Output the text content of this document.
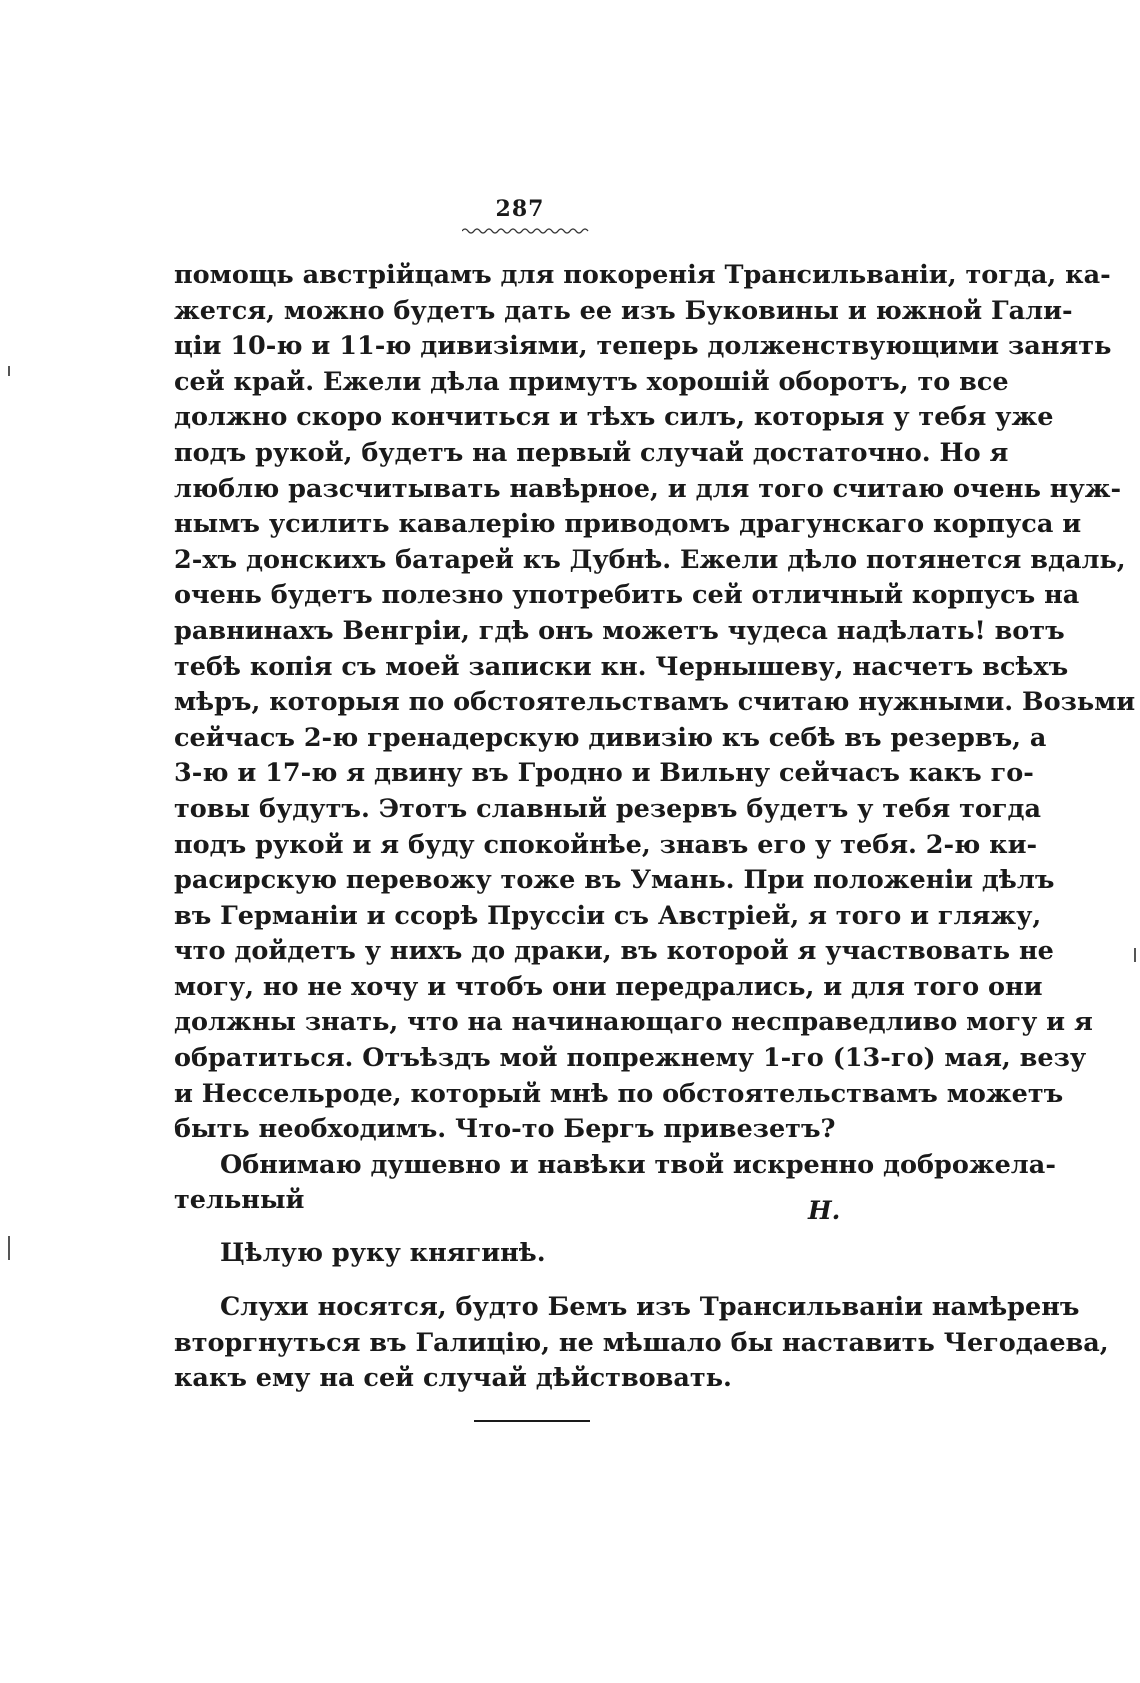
287
помощь австрійцамъ для покоренія Трансильваніи, тогда, ка-
жется, можно будетъ дать ее изъ Буковины и южной Гали-
ціи 10-ю и 11-ю дивизіями, теперь долженствующими занять
сей край. Ежели дѣла примутъ хорошій оборотъ, то все
должно скоро кончиться и тѣхъ силъ, которыя у тебя уже
подъ рукой, будетъ на первый случай достаточно. Но я
люблю разсчитывать навѣрное, и для того считаю очень нуж-
нымъ усилить кавалерію приводомъ драгунскаго корпуса и
2-хъ донскихъ батарей къ Дубнѣ. Ежели дѣло потянется вдаль,
очень будетъ полезно употребить сей отличный корпусъ на
равнинахъ Венгріи, гдѣ онъ можетъ чудеса надѣлать! вотъ
тебѣ копія съ моей записки кн. Чернышеву, насчетъ всѣхъ
мѣръ, которыя по обстоятельствамъ считаю нужными. Возьми
сейчасъ 2-ю гренадерскую дивизію къ себѣ въ резервъ, а
3-ю и 17-ю я двину въ Гродно и Вильну сейчасъ какъ го-
товы будутъ. Этотъ славный резервъ будетъ у тебя тогда
подъ рукой и я буду спокойнѣе, знавъ его у тебя. 2-ю ки-
расирскую перевожу тоже въ Умань. При положеніи дѣлъ
въ Германіи и ссорѣ Пруссіи съ Австріей, я того и гляжу,
что дойдетъ у нихъ до драки, въ которой я участвовать не
могу, но не хочу и чтобъ они передрались, и для того они
должны знать, что на начинающаго несправедливо могу и я
обратиться. Отъѣздъ мой попрежнему 1-го (13-го) мая, везу
и Нессельроде, который мнѣ по обстоятельствамъ можетъ
быть необходимъ. Что-то Бергъ привезетъ?
Обнимаю душевно и навѣки твой искренно доброжела-
тельный	Н.
Цѣлую руку княгинѣ.
Слухи носятся, будто Бемъ изъ Трансильваніи намѣренъ
вторгнуться въ Галицію, не мѣшало бы наставить Чегодаева,
какъ ему на сей случай дѣйствовать.
